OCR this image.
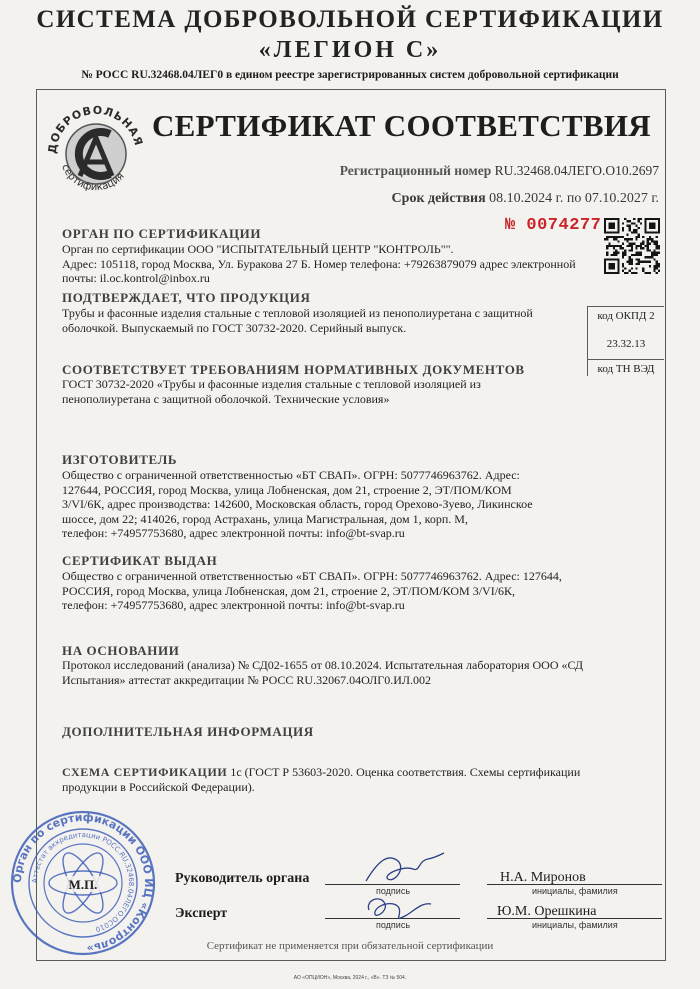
СИСТЕМА ДОБРОВОЛЬНОЙ СЕРТИФИКАЦИИ
«ЛЕГИОН С»
№ РОСС RU.32468.04ЛЕГ0 в едином реестре зарегистрированных систем добровольной сертификации
ДОБРОВОЛЬНАЯ
сертификация
СЕРТИФИКАТ СООТВЕТСТВИЯ
Регистрационный номер RU.32468.04ЛЕГО.О10.2697
Срок действия 08.10.2024 г. по 07.10.2027 г.
№ 0074277
ОРГАН ПО СЕРТИФИКАЦИИ
Орган по сертификации ООО "ИСПЫТАТЕЛЬНЫЙ ЦЕНТР "КОНТРОЛЬ"".
Адрес: 105118, город Москва, Ул. Буракова 27 Б. Номер телефона: +79263879079 адрес электронной
почты: il.oc.kontrol@inbox.ru
ПОДТВЕРЖДАЕТ, ЧТО ПРОДУКЦИЯ
Трубы и фасонные изделия стальные с тепловой изоляцией из пенополиуретана с защитной
оболочкой. Выпускаемый по ГОСТ 30732-2020. Серийный выпуск.
код ОКПД 2
23.32.13
код ТН ВЭД
СООТВЕТСТВУЕТ ТРЕБОВАНИЯМ НОРМАТИВНЫХ ДОКУМЕНТОВ
ГОСТ 30732-2020 «Трубы и фасонные изделия стальные с тепловой изоляцией из
пенополиуретана с защитной оболочкой. Технические условия»
ИЗГОТОВИТЕЛЬ
Общество с ограниченной ответственностью «БТ СВАП». ОГРН: 5077746963762. Адрес:
127644, РОССИЯ, город Москва, улица Лобненская, дом 21, строение 2, ЭТ/ПОМ/КОМ
3/VI/6К, адрес производства: 142600, Московская область, город Орехово-Зуево, Ликинское
шоссе, дом 22; 414026, город Астрахань, улица Магистральная, дом 1, корп. М,
телефон: +74957753680, адрес электронной почты: info@bt-svap.ru
СЕРТИФИКАТ ВЫДАН
Общество с ограниченной ответственностью «БТ СВАП». ОГРН: 5077746963762. Адрес: 127644,
РОССИЯ, город Москва, улица Лобненская, дом 21, строение 2, ЭТ/ПОМ/КОМ 3/VI/6К,
телефон: +74957753680, адрес электронной почты: info@bt-svap.ru
НА ОСНОВАНИИ
Протокол исследований (анализа) № СД02-1655 от 08.10.2024. Испытательная лаборатория ООО «СД
Испытания» аттестат аккредитации № РОСС RU.32067.04ОЛГ0.ИЛ.002
ДОПОЛНИТЕЛЬНАЯ ИНФОРМАЦИЯ
СХЕМА СЕРТИФИКАЦИИ 1с (ГОСТ Р 53603-2020. Оценка соответствия. Схемы сертификации
продукции в Российской Федерации).
Орган по сертификации ООО ИЦ «Контроль»
Аттестат аккредитации РОСС.RU.32468.04ЛЕГО.ОС010
М.П.	Руководитель органа
подпись
Н.А. Миронов
инициалы, фамилия
Эксперт
подпись
Ю.М. Орешкина
инициалы, фамилия
Сертификат не применяется при обязательной сертификации
АО «ОПЦИОН», Москва, 2024 г., «В». ТЗ № 504.
